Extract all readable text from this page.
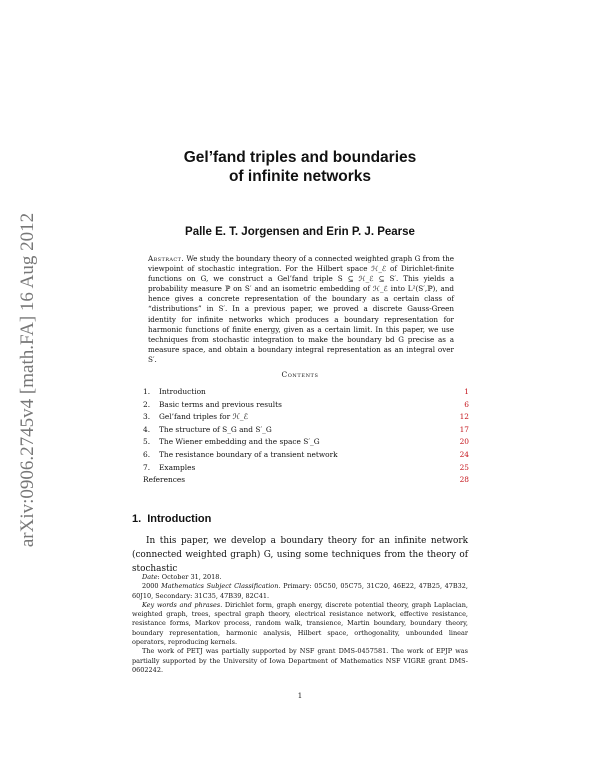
arXiv:0906.2745v4 [math.FA] 16 Aug 2012
Gel’fand triples and boundaries
of infinite networks
Palle E. T. Jorgensen and Erin P. J. Pearse
Abstract. We study the boundary theory of a connected weighted graph G from the viewpoint of stochastic integration. For the Hilbert space ℋ_ℰ of Dirichlet-finite functions on G, we construct a Gel’fand triple S ⊆ ℋ_ℰ ⊆ S′. This yields a probability measure ℙ on S′ and an isometric embedding of ℋ_ℰ into L²(S′,ℙ), and hence gives a concrete representation of the boundary as a certain class of “distributions” in S′. In a previous paper, we proved a discrete Gauss-Green identity for infinite networks which produces a boundary representation for harmonic functions of finite energy, given as a certain limit. In this paper, we use techniques from stochastic integration to make the boundary bd G precise as a measure space, and obtain a boundary integral representation as an integral over S′.
Contents
1. Introduction	1
2. Basic terms and previous results	6
3. Gel’fand triples for ℋ_ℰ	12
4. The structure of S_G and S′_G	17
5. The Wiener embedding and the space S′_G	20
6. The resistance boundary of a transient network	24
7. Examples	25
References	28
1. Introduction
In this paper, we develop a boundary theory for an infinite network (connected weighted graph) G, using some techniques from the theory of stochastic

Date: October 31, 2018.

2000 Mathematics Subject Classification. Primary: 05C50, 05C75, 31C20, 46E22, 47B25, 47B32, 60J10, Secondary: 31C35, 47B39, 82C41.

Key words and phrases. Dirichlet form, graph energy, discrete potential theory, graph Laplacian, weighted graph, trees, spectral graph theory, electrical resistance network, effective resistance, resistance forms, Markov process, random walk, transience, Martin boundary, boundary theory, boundary representation, harmonic analysis, Hilbert space, orthogonality, unbounded linear operators, reproducing kernels.

The work of PETJ was partially supported by NSF grant DMS-0457581. The work of EPJP was partially supported by the University of Iowa Department of Mathematics NSF VIGRE grant DMS-0602242.

1
